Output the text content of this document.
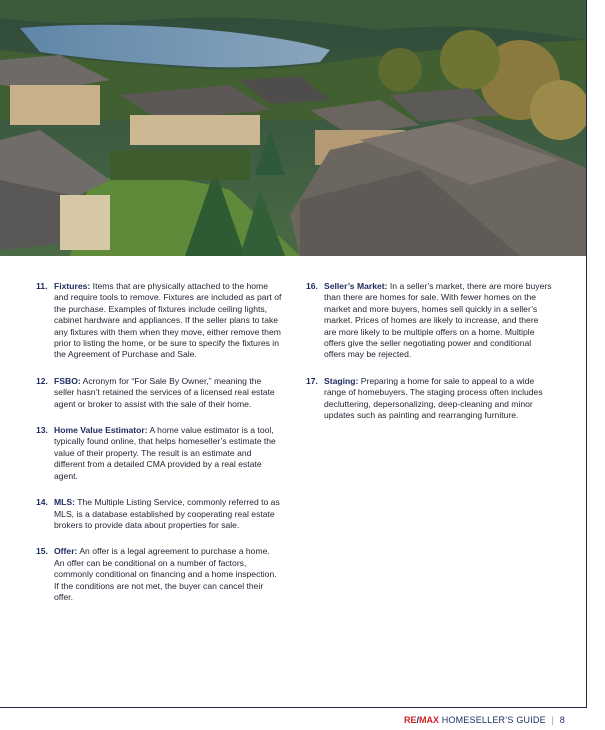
11. Fixtures: Items that are physically attached to the home and require tools to remove. Fixtures are included as part of the purchase. Examples of fixtures include ceiling lights, cabinet hardware and appliances. If the seller plans to take any fixtures with them when they move, either remove them prior to listing the home, or be sure to specify the fixtures in the Agreement of Purchase and Sale.
12. FSBO: Acronym for “For Sale By Owner,” meaning the seller hasn’t retained the services of a licensed real estate agent or broker to assist with the sale of their home.
13. Home Value Estimator: A home value estimator is a tool, typically found online, that helps homeseller’s estimate the value of their property. The result is an estimate and different from a detailed CMA provided by a real estate agent.
14. MLS: The Multiple Listing Service, commonly referred to as MLS, is a database established by cooperating real estate brokers to provide data about properties for sale.
15. Offer: An offer is a legal agreement to purchase a home. An offer can be conditional on a number of factors, commonly conditional on financing and a home inspection. If the conditions are not met, the buyer can cancel their offer.
16. Seller’s Market: In a seller’s market, there are more buyers than there are homes for sale. With fewer homes on the market and more buyers, homes sell quickly in a seller’s market. Prices of homes are likely to increase, and there are more likely to be multiple offers on a home. Multiple offers give the seller negotiating power and conditional offers may be rejected.
17. Staging: Preparing a home for sale to appeal to a wide range of homebuyers. The staging process often includes decluttering, depersonalizing, deep-cleaning and minor updates such as painting and rearranging furniture.
RE/MAX HOMESELLER’S GUIDE | 8
